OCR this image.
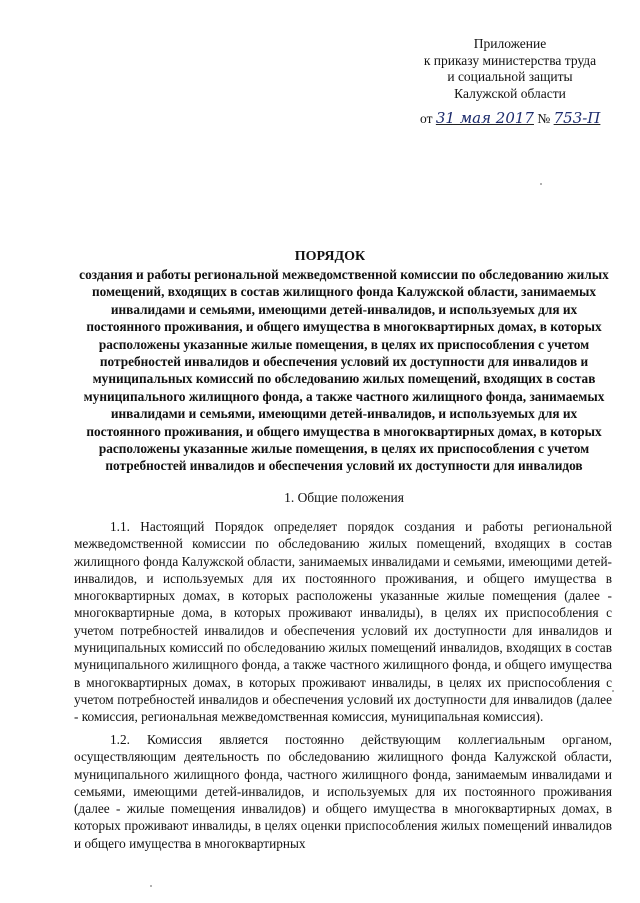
Приложение
к приказу министерства труда
и социальной защиты
Калужской области
от 31 мая 2017 № 753-П
ПОРЯДОК
создания и работы региональной межведомственной комиссии по обследованию жилых помещений, входящих в состав жилищного фонда Калужской области, занимаемых инвалидами и семьями, имеющими детей-инвалидов, и используемых для их постоянного проживания, и общего имущества в многоквартирных домах, в которых расположены указанные жилые помещения, в целях их приспособления с учетом потребностей инвалидов и обеспечения условий их доступности для инвалидов и муниципальных комиссий по обследованию жилых помещений, входящих в состав муниципального жилищного фонда, а также частного жилищного фонда, занимаемых инвалидами и семьями, имеющими детей-инвалидов, и используемых для их постоянного проживания, и общего имущества в многоквартирных домах, в которых расположены указанные жилые помещения, в целях их приспособления с учетом потребностей инвалидов и обеспечения условий их доступности для инвалидов
1. Общие положения
1.1. Настоящий Порядок определяет порядок создания и работы региональной межведомственной комиссии по обследованию жилых помещений, входящих в состав жилищного фонда Калужской области, занимаемых инвалидами и семьями, имеющими детей-инвалидов, и используемых для их постоянного проживания, и общего имущества в многоквартирных домах, в которых расположены указанные жилые помещения (далее - многоквартирные дома, в которых проживают инвалиды), в целях их приспособления с учетом потребностей инвалидов и обеспечения условий их доступности для инвалидов и муниципальных комиссий по обследованию жилых помещений инвалидов, входящих в состав муниципального жилищного фонда, а также частного жилищного фонда, и общего имущества в многоквартирных домах, в которых проживают инвалиды, в целях их приспособления с учетом потребностей инвалидов и обеспечения условий их доступности для инвалидов (далее - комиссия, региональная межведомственная комиссия, муниципальная комиссия).
1.2. Комиссия является постоянно действующим коллегиальным органом, осуществляющим деятельность по обследованию жилищного фонда Калужской области, муниципального жилищного фонда, частного жилищного фонда, занимаемым инвалидами и семьями, имеющими детей-инвалидов, и используемых для их постоянного проживания (далее - жилые помещения инвалидов) и общего имущества в многоквартирных домах, в которых проживают инвалиды, в целях оценки приспособления жилых помещений инвалидов и общего имущества в многоквартирных
